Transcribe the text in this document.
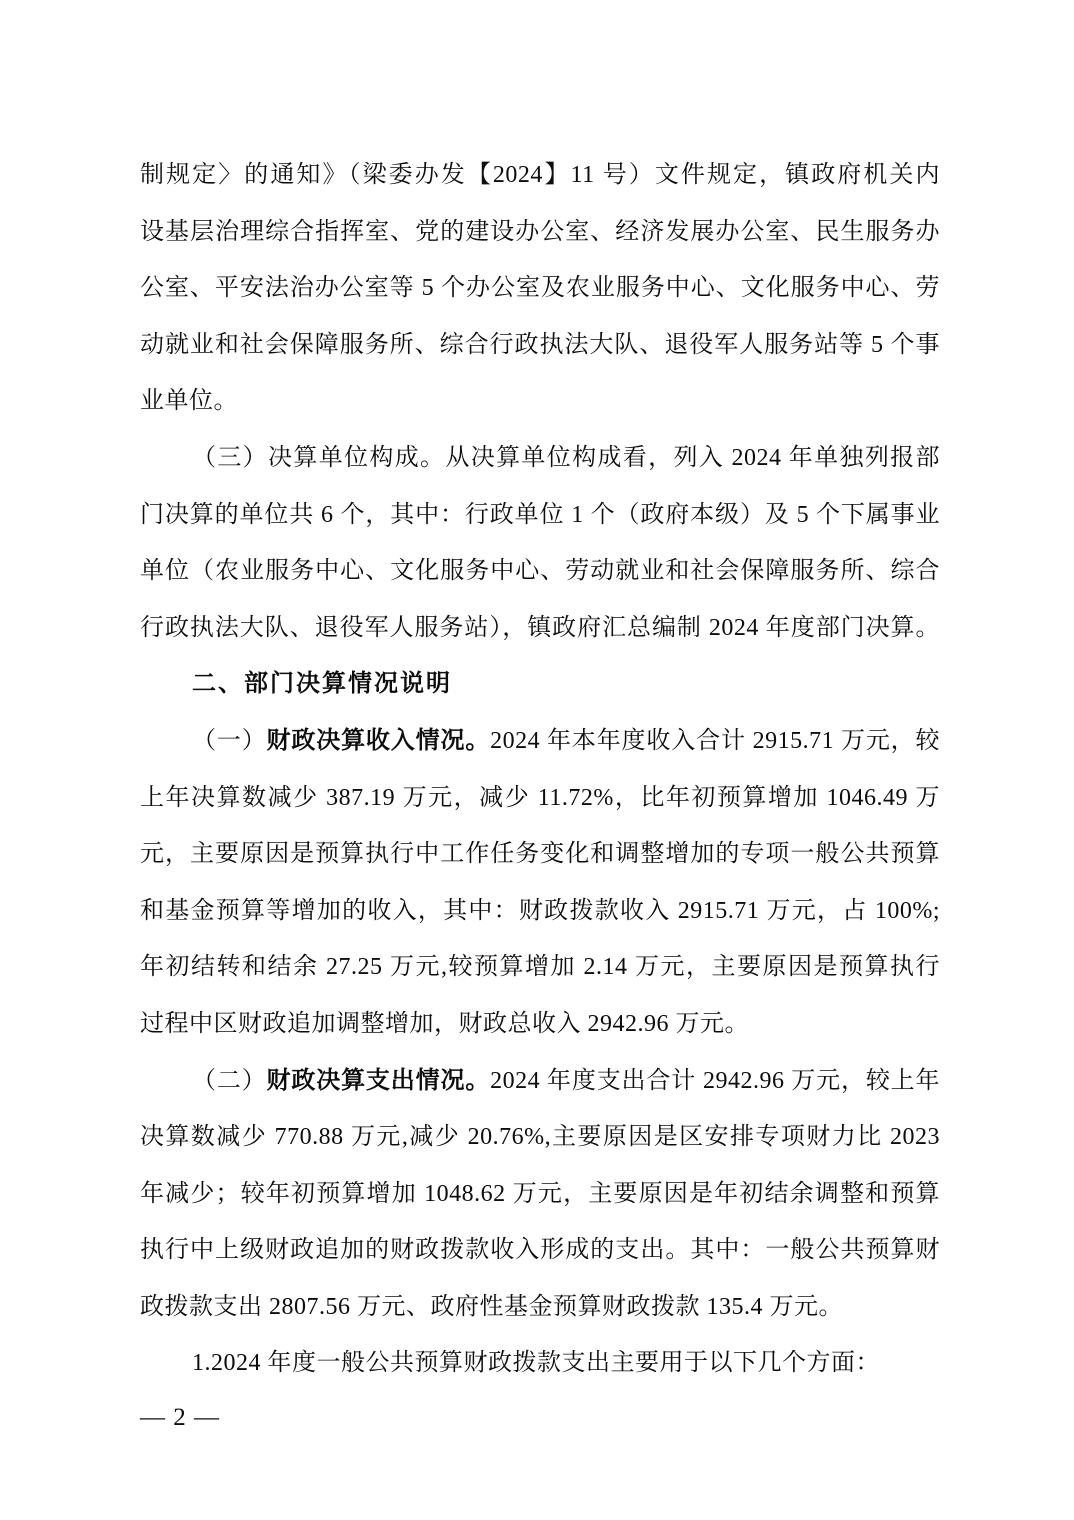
制规定〉的通知》（梁委办发【2024】11 号）文件规定，镇政府机关内
设基层治理综合指挥室、党的建设办公室、经济发展办公室、民生服务办
公室、平安法治办公室等 5 个办公室及农业服务中心、文化服务中心、劳
动就业和社会保障服务所、综合行政执法大队、退役军人服务站等 5 个事
业单位。
（三）决算单位构成。从决算单位构成看，列入 2024 年单独列报部
门决算的单位共 6 个，其中：行政单位 1 个（政府本级）及 5 个下属事业
单位（农业服务中心、文化服务中心、劳动就业和社会保障服务所、综合
行政执法大队、退役军人服务站），镇政府汇总编制 2024 年度部门决算。
二、部门决算情况说明
（一）财政决算收入情况。2024 年本年度收入合计 2915.71 万元，较
上年决算数减少 387.19 万元，减少 11.72%，比年初预算增加 1046.49 万
元，主要原因是预算执行中工作任务变化和调整增加的专项一般公共预算
和基金预算等增加的收入，其中：财政拨款收入 2915.71 万元，占 100%;
年初结转和结余 27.25 万元,较预算增加 2.14 万元，主要原因是预算执行
过程中区财政追加调整增加，财政总收入 2942.96 万元。
（二）财政决算支出情况。2024 年度支出合计 2942.96 万元，较上年
决算数减少 770.88 万元,减少 20.76%,主要原因是区安排专项财力比 2023
年减少；较年初预算增加 1048.62 万元，主要原因是年初结余调整和预算
执行中上级财政追加的财政拨款收入形成的支出。其中：一般公共预算财
政拨款支出 2807.56 万元、政府性基金预算财政拨款 135.4 万元。
1.2024 年度一般公共预算财政拨款支出主要用于以下几个方面：
— 2 —
